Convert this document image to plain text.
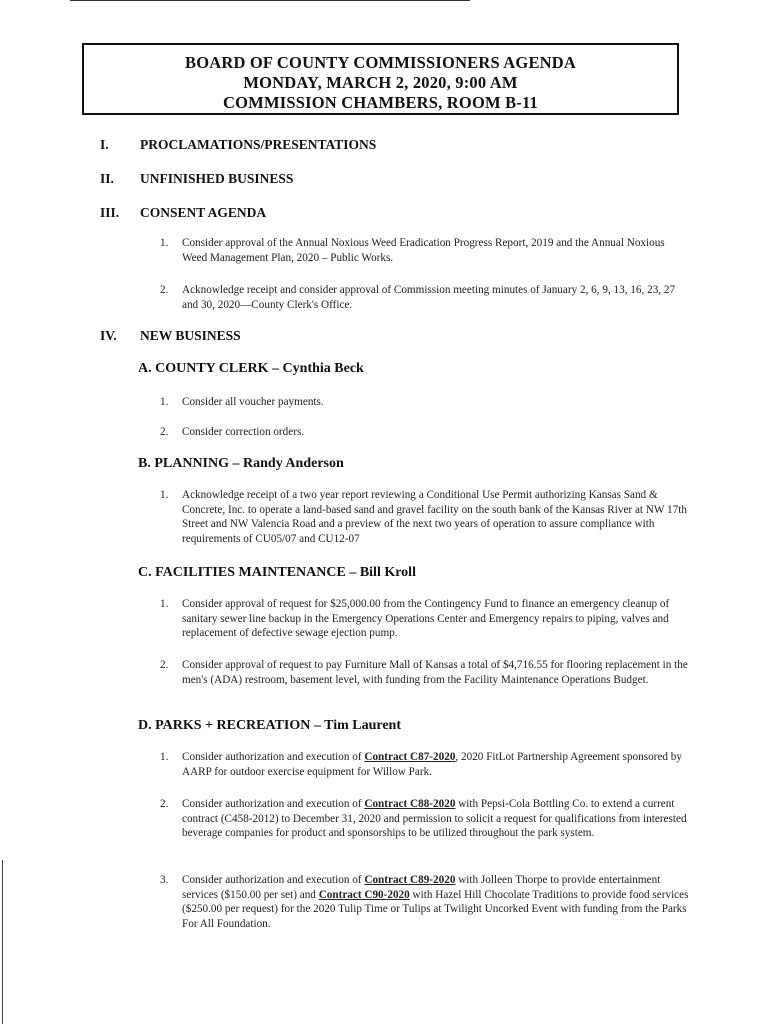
BOARD OF COUNTY COMMISSIONERS AGENDA
MONDAY, MARCH 2, 2020, 9:00 AM
COMMISSION CHAMBERS, ROOM B-11
I.	PROCLAMATIONS/PRESENTATIONS
II.	UNFINISHED BUSINESS
III.	CONSENT AGENDA
1.	Consider approval of the Annual Noxious Weed Eradication Progress Report, 2019 and the Annual Noxious Weed Management Plan, 2020 – Public Works.
2.	Acknowledge receipt and consider approval of Commission meeting minutes of January 2, 6, 9, 13, 16, 23, 27 and 30, 2020—County Clerk's Office.
IV.	NEW BUSINESS
A. COUNTY CLERK – Cynthia Beck
1.	Consider all voucher payments.
2.	Consider correction orders.
B. PLANNING – Randy Anderson
1.	Acknowledge receipt of a two year report reviewing a Conditional Use Permit authorizing Kansas Sand & Concrete, Inc. to operate a land-based sand and gravel facility on the south bank of the Kansas River at NW 17th Street and NW Valencia Road and a preview of the next two years of operation to assure compliance with requirements of CU05/07 and CU12-07
C. FACILITIES MAINTENANCE – Bill Kroll
1.	Consider approval of request for $25,000.00 from the Contingency Fund to finance an emergency cleanup of sanitary sewer line backup in the Emergency Operations Center and Emergency repairs to piping, valves and replacement of defective sewage ejection pump.
2.	Consider approval of request to pay Furniture Mall of Kansas a total of $4,716.55 for flooring replacement in the men's (ADA) restroom, basement level, with funding from the Facility Maintenance Operations Budget.
D. PARKS + RECREATION – Tim Laurent
1.	Consider authorization and execution of Contract C87-2020, 2020 FitLot Partnership Agreement sponsored by AARP for outdoor exercise equipment for Willow Park.
2.	Consider authorization and execution of Contract C88-2020 with Pepsi-Cola Bottling Co. to extend a current contract (C458-2012) to December 31, 2020 and permission to solicit a request for qualifications from interested beverage companies for product and sponsorships to be utilized throughout the park system.
3.	Consider authorization and execution of Contract C89-2020 with Jolleen Thorpe to provide entertainment services ($150.00 per set) and Contract C90-2020 with Hazel Hill Chocolate Traditions to provide food services ($250.00 per request) for the 2020 Tulip Time or Tulips at Twilight Uncorked Event with funding from the Parks For All Foundation.
